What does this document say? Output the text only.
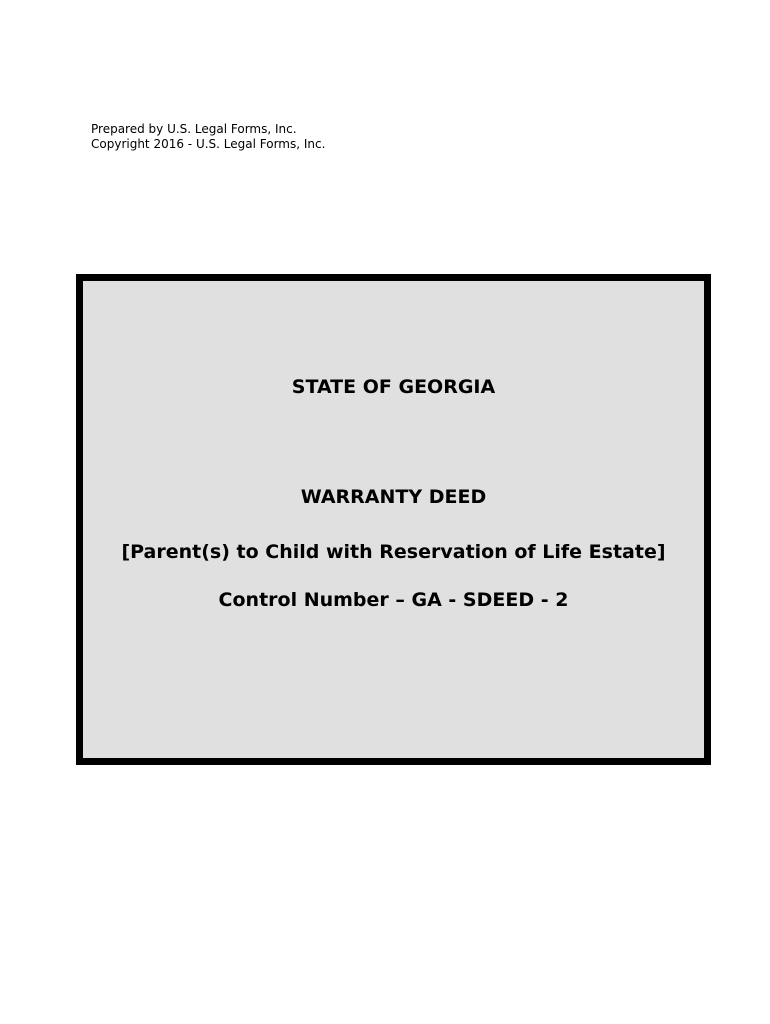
Prepared by U.S. Legal Forms, Inc.
Copyright 2016 - U.S. Legal Forms, Inc.
STATE OF GEORGIA
WARRANTY DEED
[Parent(s) to Child with Reservation of Life Estate]
Control Number – GA - SDEED - 2
